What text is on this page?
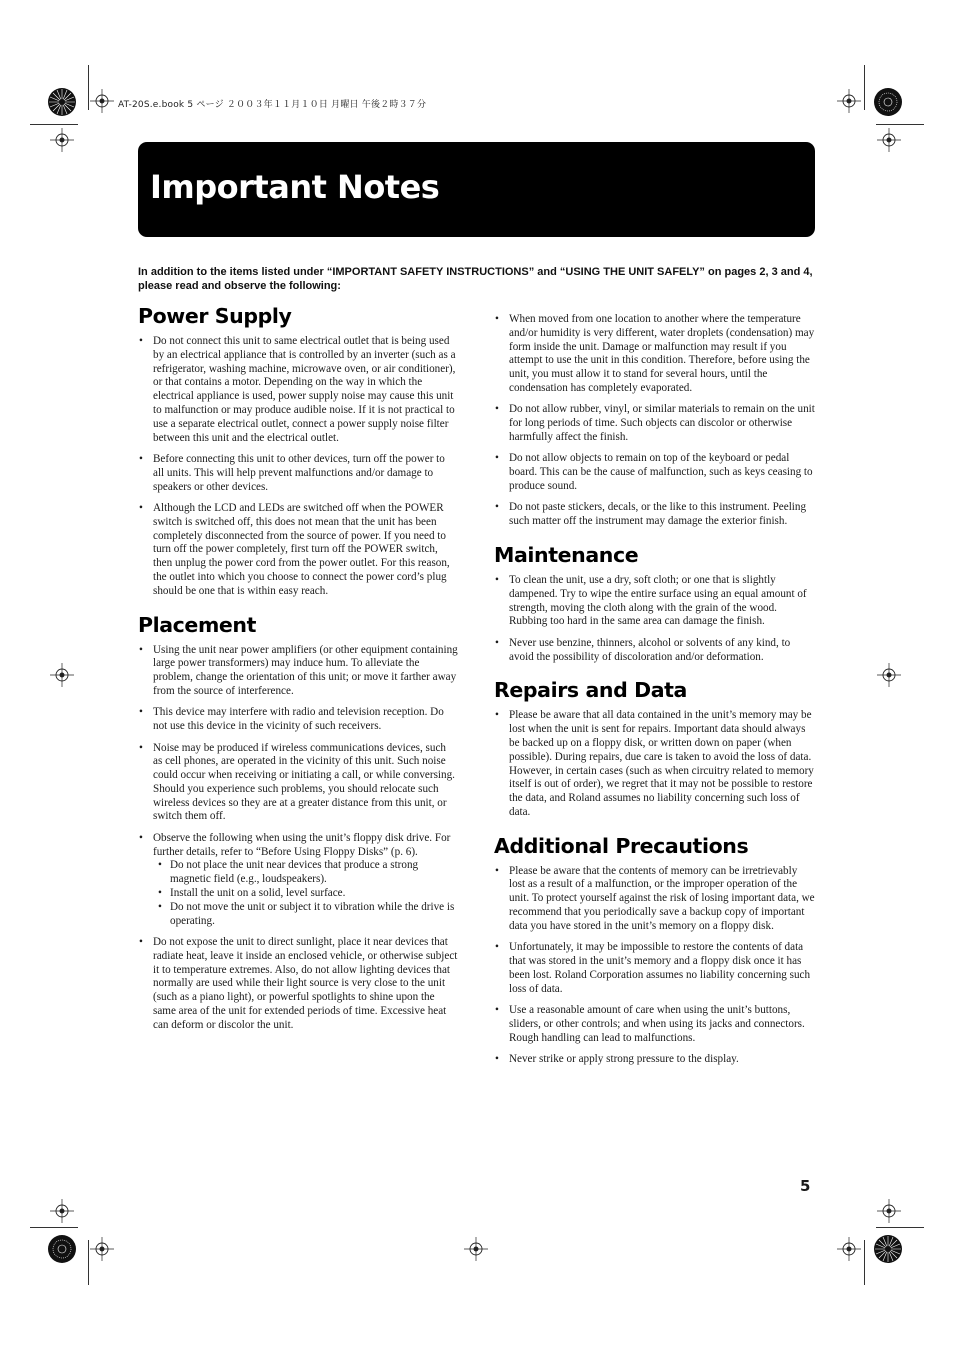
AT-20S.e.book 5 ページ ２００３年１１月１０日 月曜日 午後２時３７分
Important Notes
In addition to the items listed under “IMPORTANT SAFETY INSTRUCTIONS” and “USING THE UNIT SAFELY” on pages 2, 3 and 4, please read and observe the following:
Power Supply
• Do not connect this unit to same electrical outlet that is being used by an electrical appliance that is controlled by an inverter (such as a refrigerator, washing machine, microwave oven, or air conditioner), or that contains a motor. Depending on the way in which the electrical appliance is used, power supply noise may cause this unit to malfunction or may produce audible noise. If it is not practical to use a separate electrical outlet, connect a power supply noise filter between this unit and the electrical outlet.
• Before connecting this unit to other devices, turn off the power to all units. This will help prevent malfunctions and/or damage to speakers or other devices.
• Although the LCD and LEDs are switched off when the POWER switch is switched off, this does not mean that the unit has been completely disconnected from the source of power. If you need to turn off the power completely, first turn off the POWER switch, then unplug the power cord from the power outlet. For this reason, the outlet into which you choose to connect the power cord’s plug should be one that is within easy reach.
Placement
• Using the unit near power amplifiers (or other equipment containing large power transformers) may induce hum. To alleviate the problem, change the orientation of this unit; or move it farther away from the source of interference.
• This device may interfere with radio and television reception. Do not use this device in the vicinity of such receivers.
• Noise may be produced if wireless communications devices, such as cell phones, are operated in the vicinity of this unit. Such noise could occur when receiving or initiating a call, or while conversing. Should you experience such problems, you should relocate such wireless devices so they are at a greater distance from this unit, or switch them off.
• Observe the following when using the unit’s floppy disk drive. For further details, refer to “Before Using Floppy Disks” (p. 6).
• Do not place the unit near devices that produce a strong magnetic field (e.g., loudspeakers).
• Install the unit on a solid, level surface.
• Do not move the unit or subject it to vibration while the drive is operating.
• Do not expose the unit to direct sunlight, place it near devices that radiate heat, leave it inside an enclosed vehicle, or otherwise subject it to temperature extremes. Also, do not allow lighting devices that normally are used while their light source is very close to the unit (such as a piano light), or powerful spotlights to shine upon the same area of the unit for extended periods of time. Excessive heat can deform or discolor the unit.
• When moved from one location to another where the temperature and/or humidity is very different, water droplets (condensation) may form inside the unit. Damage or malfunction may result if you attempt to use the unit in this condition. Therefore, before using the unit, you must allow it to stand for several hours, until the condensation has completely evaporated.
• Do not allow rubber, vinyl, or similar materials to remain on the unit for long periods of time. Such objects can discolor or otherwise harmfully affect the finish.
• Do not allow objects to remain on top of the keyboard or pedal board. This can be the cause of malfunction, such as keys ceasing to produce sound.
• Do not paste stickers, decals, or the like to this instrument. Peeling such matter off the instrument may damage the exterior finish.
Maintenance
• To clean the unit, use a dry, soft cloth; or one that is slightly dampened. Try to wipe the entire surface using an equal amount of strength, moving the cloth along with the grain of the wood. Rubbing too hard in the same area can damage the finish.
• Never use benzine, thinners, alcohol or solvents of any kind, to avoid the possibility of discoloration and/or deformation.
Repairs and Data
• Please be aware that all data contained in the unit’s memory may be lost when the unit is sent for repairs. Important data should always be backed up on a floppy disk, or written down on paper (when possible). During repairs, due care is taken to avoid the loss of data. However, in certain cases (such as when circuitry related to memory itself is out of order), we regret that it may not be possible to restore the data, and Roland assumes no liability concerning such loss of data.
Additional Precautions
• Please be aware that the contents of memory can be irretrievably lost as a result of a malfunction, or the improper operation of the unit. To protect yourself against the risk of losing important data, we recommend that you periodically save a backup copy of important data you have stored in the unit’s memory on a floppy disk.
• Unfortunately, it may be impossible to restore the contents of data that was stored in the unit’s memory and a floppy disk once it has been lost. Roland Corporation assumes no liability concerning such loss of data.
• Use a reasonable amount of care when using the unit’s buttons, sliders, or other controls; and when using its jacks and connectors. Rough handling can lead to malfunctions.
• Never strike or apply strong pressure to the display.
5
